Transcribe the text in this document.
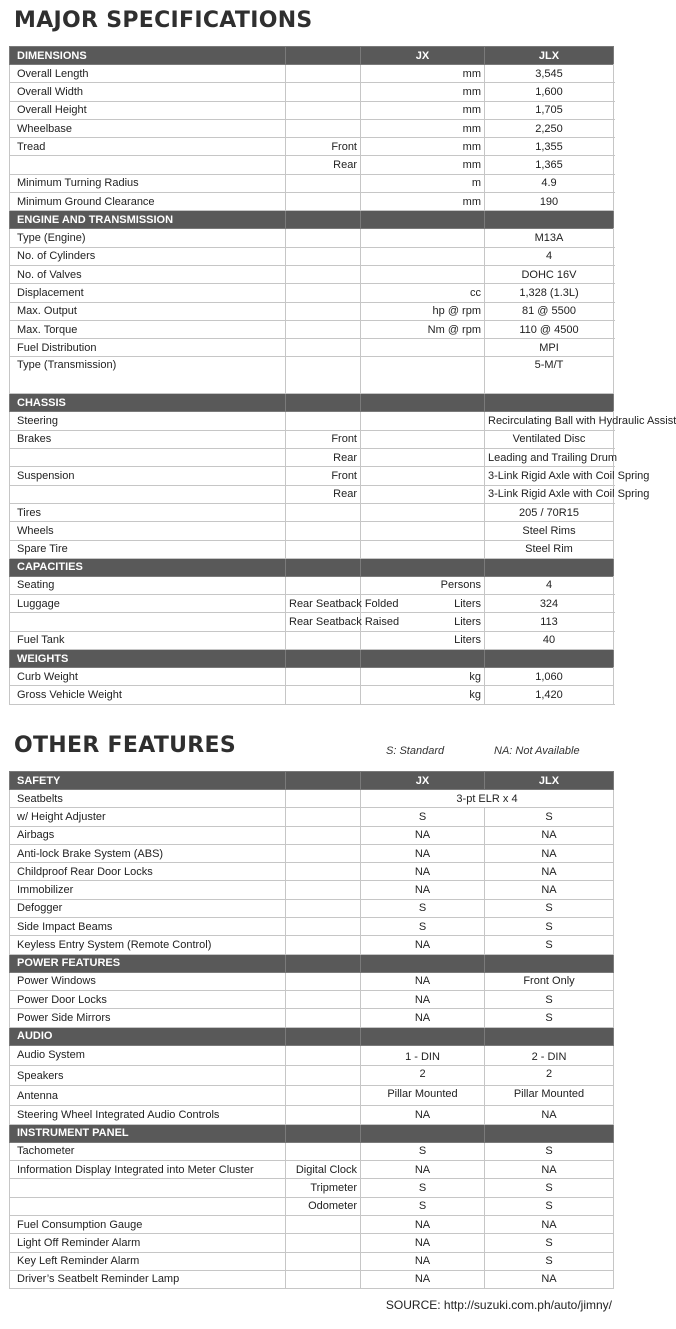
MAJOR SPECIFICATIONS
DIMENSIONS		JX	JLX	
Overall Length		mm	3,545	
Overall Width		mm	1,600	
Overall Height		mm	1,705	
Wheelbase		mm	2,250	
Tread	Front	mm	1,355	
	Rear	mm	1,365	
Minimum Turning Radius		m	4.9	
Minimum Ground Clearance		mm	190	
ENGINE AND TRANSMISSION				
Type (Engine)			M13A	
No. of Cylinders			4	
No. of Valves			DOHC 16V	
Displacement		cc	1,328 (1.3L)	
Max. Output		hp @ rpm	81 @ 5500	
Max. Torque		Nm @ rpm	110 @ 4500	
Fuel Distribution			MPI	
Type (Transmission)			5-M/T	

CHASSIS				
Steering			Recirculating Ball with Hydraulic Assist	
Brakes	Front		Ventilated Disc	
	Rear		Leading and Trailing Drum	
Suspension	Front		3-Link Rigid Axle with Coil Spring	
	Rear		3-Link Rigid Axle with Coil Spring	
Tires			205 / 70R15	
Wheels			Steel Rims	
Spare Tire			Steel Rim	
CAPACITIES				
Seating		Persons	4	
Luggage	Rear Seatback Folded	Liters	324	
	Rear Seatback Raised	Liters	113	
Fuel Tank		Liters	40	
WEIGHTS				
Curb Weight		kg	1,060	
Gross Vehicle Weight		kg	1,420	
OTHER FEATURES	S: Standard	NA: Not Available
SAFETY		JX	JLX
Seatbelts		3-pt ELR x 4	
w/ Height Adjuster		S	S
Airbags		NA	NA
Anti-lock Brake System (ABS)		NA	NA
Childproof Rear Door Locks		NA	NA
Immobilizer		NA	NA
Defogger		S	S
Side Impact Beams		S	S
Keyless Entry System (Remote Control)		NA	S
POWER FEATURES			
Power Windows		NA	Front Only
Power Door Locks		NA	S
Power Side Mirrors		NA	S
AUDIO			
Audio System		1 - DIN	2 - DIN
Speakers		2	2
Antenna		Pillar Mounted	Pillar Mounted
Steering Wheel Integrated Audio Controls		NA	NA
INSTRUMENT PANEL			
Tachometer		S	S
Information Display Integrated into Meter Cluster	Digital Clock	NA	NA
	Tripmeter	S	S
	Odometer	S	S
Fuel Consumption Gauge		NA	NA
Light Off Reminder Alarm		NA	S
Key Left Reminder Alarm		NA	S
Driver’s Seatbelt Reminder Lamp		NA	NA
SOURCE: http://suzuki.com.ph/auto/jimny/
